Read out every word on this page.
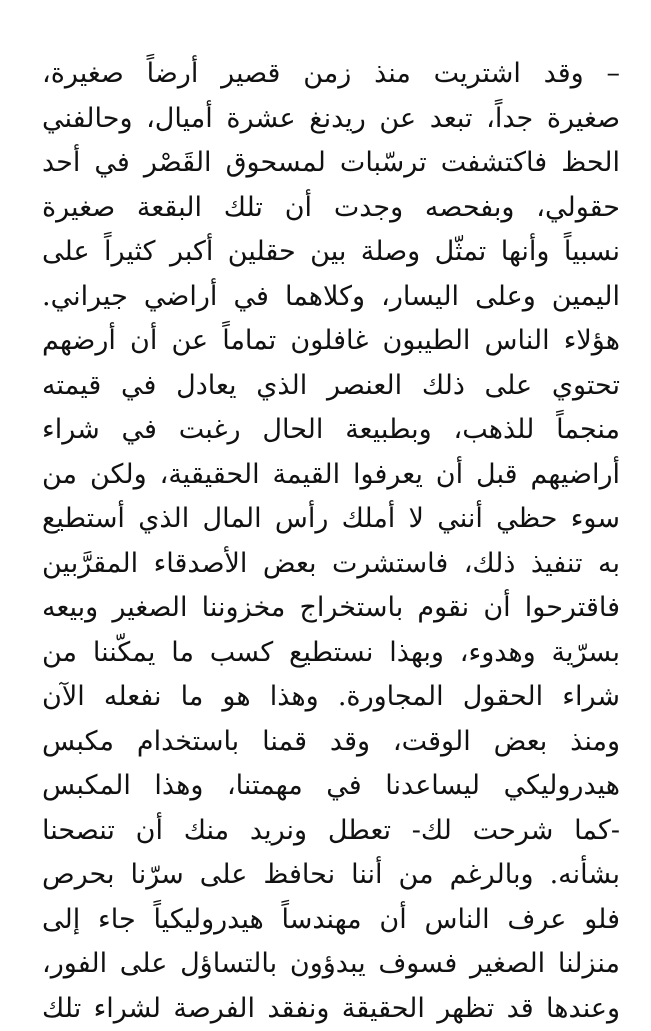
– وقد اشتريت منذ زمن قصير أرضاً صغيرة،
صغيرة جداً، تبعد عن ريدنغ عشرة أميال، وحالفني
الحظ فاكتشفت ترسّبات لمسحوق القَصْر في أحد
حقولي، وبفحصه وجدت أن تلك البقعة صغيرة
نسبياً وأنها تمثّل وصلة بين حقلين أكبر كثيراً على
اليمين وعلى اليسار، وكلاهما في أراضي جيراني.
هؤلاء الناس الطيبون غافلون تماماً عن أن أرضهم
تحتوي على ذلك العنصر الذي يعادل في قيمته
منجماً للذهب، وبطبيعة الحال رغبت في شراء
أراضيهم قبل أن يعرفوا القيمة الحقيقية، ولكن من
سوء حظي أنني لا أملك رأس المال الذي أستطيع
به تنفيذ ذلك، فاستشرت بعض الأصدقاء المقرَّبين
فاقترحوا أن نقوم باستخراج مخزوننا الصغير وبيعه
بسرّية وهدوء، وبهذا نستطيع كسب ما يمكّننا من
شراء الحقول المجاورة. وهذا هو ما نفعله الآن
ومنذ بعض الوقت، وقد قمنا باستخدام مكبس
هيدروليكي ليساعدنا في مهمتنا، وهذا المكبس
-كما شرحت لك- تعطل ونريد منك أن تنصحنا
بشأنه. وبالرغم من أننا نحافظ على سرّنا بحرص
فلو عرف الناس أن مهندساً هيدروليكياً جاء إلى
منزلنا الصغير فسوف يبدؤون بالتساؤل على الفور،
وعندها قد تظهر الحقيقة ونفقد الفرصة لشراء تلك
